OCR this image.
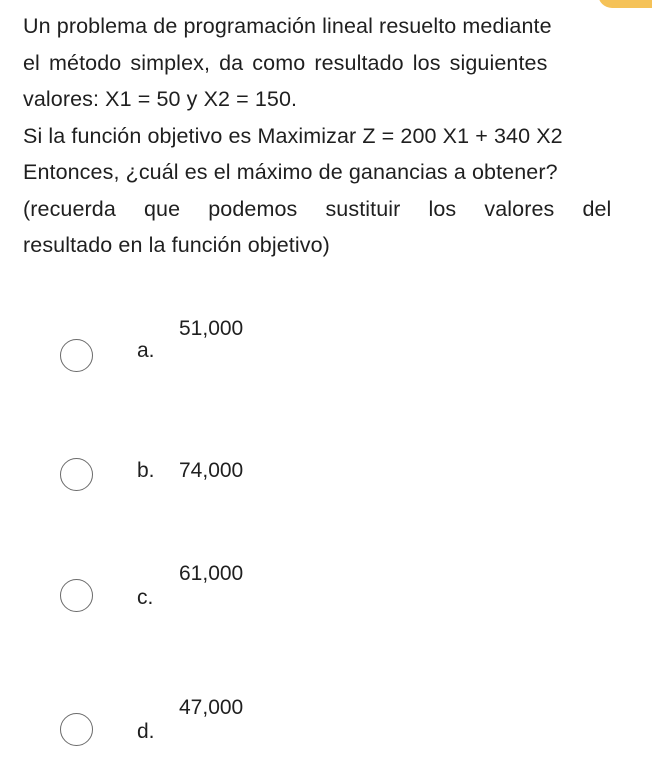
Un problema de programación lineal resuelto mediante
el método simplex, da como resultado los siguientes
valores: X1 = 50 y X2 = 150.
Si la función objetivo es Maximizar Z = 200 X1 + 340 X2
Entonces, ¿cuál es el máximo de ganancias a obtener?
(recuerda que podemos sustituir los valores del
resultado en la función objetivo)
a.
51,000
b. 74,000
c.
61,000
d.
47,000
